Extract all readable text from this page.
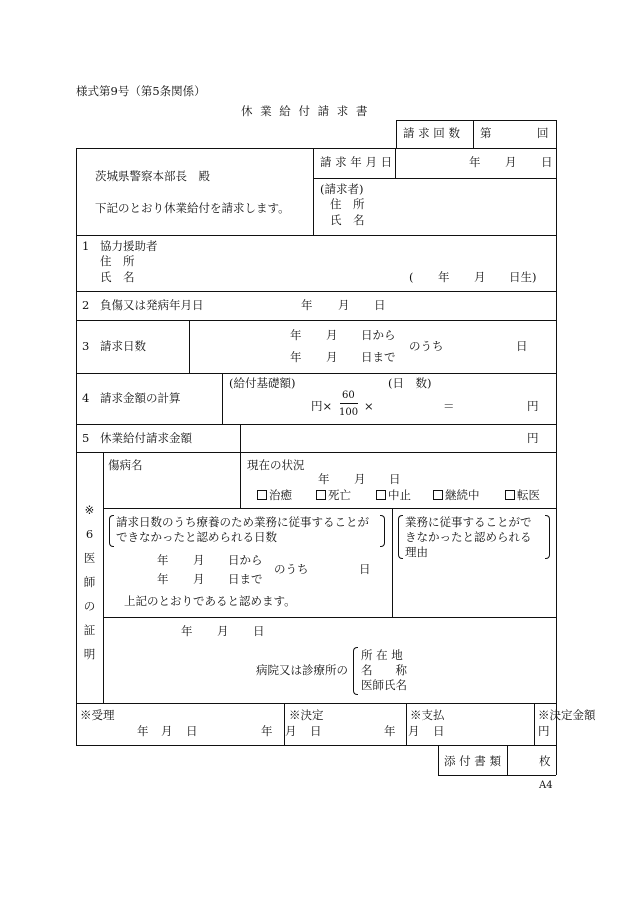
様式第9号（第5条関係）
休 業 給 付 請 求 書
請 求 回 数 第	回
茨城県警察本部長　殿
下記のとおり休業給付を請求します。
請 求 年 月 日	年 月 日
(請求者)
住　所
氏　名
1 協力援助者
住　所
氏　名	( 年 月 日生)
2 負傷又は発病年月日	年 月 日
3 請求日数
年 月 日から
年 月 日まで
のうち	日
4 請求金額の計算
(給付基礎額)	(日　数)
円×
60
100 ×	＝	円
5 休業給付請求金額	円
※
6
医
師
の
証
明
傷病名	現在の状況
年 月 日
治癒	死亡	中止	継続中	転医
請求日数のうち療養のため業務に従事することが
できなかったと認められる日数
年 月 日から
年 月 日まで
のうち	日
上記のとおりであると認めます。
業務に従事することがで
きなかったと認められる
理由
年 月 日
病院又は診療所の
所 在 地
名　　称
医師氏名
※受理
年 月 日
※決定
年 月 日
※支払
年 月 日
※決定金額
円
添 付 書 類	枚
A4
